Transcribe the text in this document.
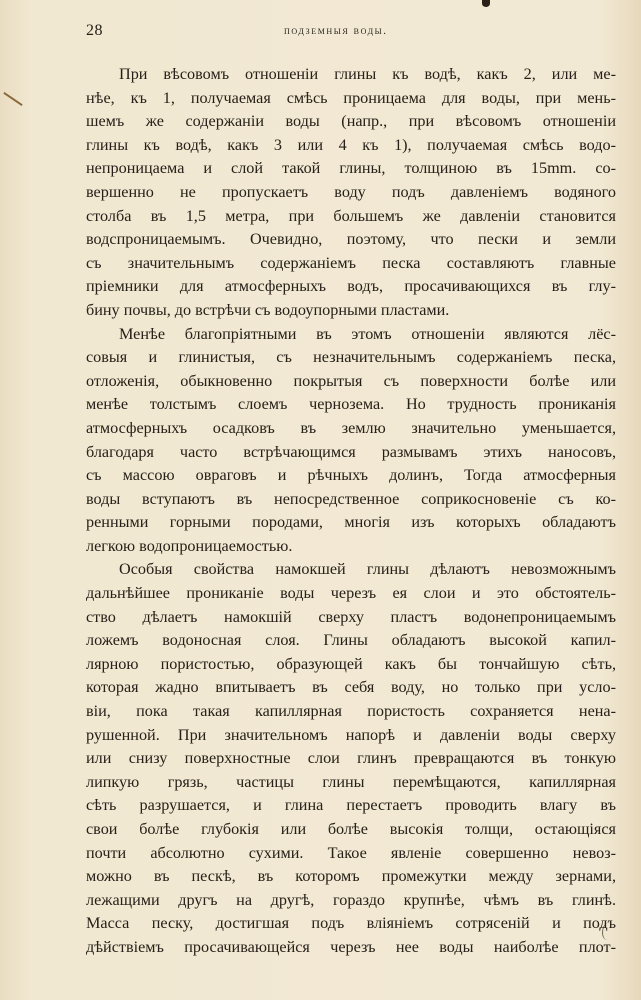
28	подземныя воды.

При вѣсовомъ отношеніи глины къ водѣ, какъ 2, или ме-
нѣе, къ 1, получаемая смѣсь проницаема для воды, при мень-
шемъ же содержаніи воды (напр., при вѣсовомъ отношеніи
глины къ водѣ, какъ 3 или 4 къ 1), получаемая смѣсь водо-
непроницаема и слой такой глины, толщиною въ 15mm. со-
вершенно не пропускаетъ воду подъ давленіемъ водяного
столба въ 1,5 метра, при большемъ же давленіи становится
водспроницаемымъ. Очевидно, поэтому, что пески и земли
съ значительнымъ содержаніемъ песка составляютъ главные
пріемники для атмосферныхъ водъ, просачивающихся въ глу-
бину почвы, до встрѣчи съ водоупорными пластами.

Менѣе благопріятными въ этомъ отношеніи являются лёс-
совыя и глинистыя, съ незначительнымъ содержаніемъ песка,
отложенія, обыкновенно покрытыя съ поверхности болѣе или
менѣе толстымъ слоемъ чернозема. Но трудность прониканія
атмосферныхъ осадковъ въ землю значительно уменьшается,
благодаря часто встрѣчающимся размывамъ этихъ наносовъ,
съ массою овраговъ и рѣчныхъ долинъ, Тогда атмосферныя
воды вступаютъ въ непосредственное соприкосновеніе съ ко-
ренными горными породами, многія изъ которыхъ обладаютъ
легкою водопроницаемостью.

Особыя свойства намокшей глины дѣлаютъ невозможнымъ
дальнѣйшее прониканіе воды черезъ ея слои и это обстоятель-
ство дѣлаетъ намокшій сверху пластъ водонепроницаемымъ
ложемъ водоносная слоя. Глины обладаютъ высокой капил-
лярною пористостью, образующей какъ бы тончайшую сѣть,
которая жадно впитываетъ въ себя воду, но только при усло-
віи, пока такая капиллярная пористость сохраняется нена-
рушенной. При значительномъ напорѣ и давленіи воды сверху
или снизу поверхностные слои глинъ превращаются въ тонкую
липкую грязь, частицы глины перемѣщаются, капиллярная
сѣть разрушается, и глина перестаетъ проводить влагу въ
свои болѣе глубокія или болѣе высокія толщи, остающіяся
почти абсолютно сухими. Такое явленіе совершенно невоз-
можно въ пескѣ, въ которомъ промежутки между зернами,
лежащими другъ на другѣ, гораздо крупнѣе, чѣмъ въ глинѣ.
Масса песку, достигшая подъ вліяніемъ сотрясеній и подъ
дѣйствіемъ просачивающейся черезъ нее воды наиболѣе плот-
